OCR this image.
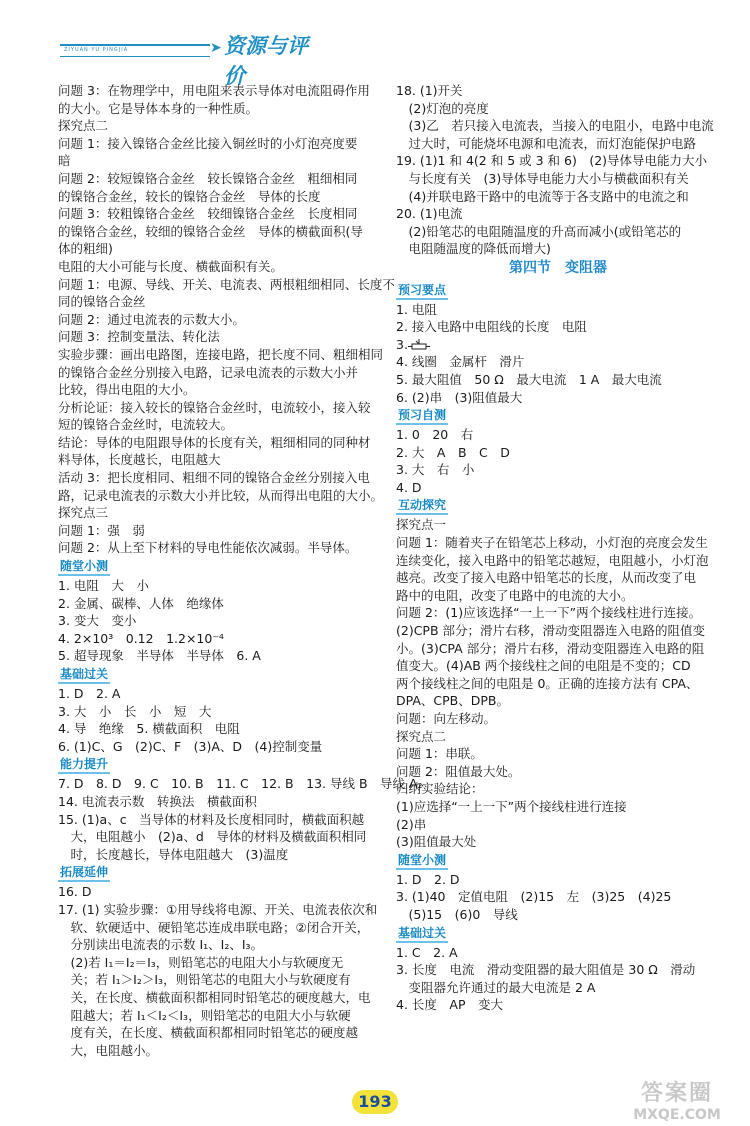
ZIYUAN YU PINGJIA	➤ 资源与评价
问题 3：在物理学中，用电阻来表示导体对电流阻碍作用
的大小。它是导体本身的一种性质。
探究点二
问题 1：接入镍铬合金丝比接入铜丝时的小灯泡亮度要
暗
问题 2：较短镍铬合金丝　较长镍铬合金丝　粗细相同
的镍铬合金丝，较长的镍铬合金丝　导体的长度
问题 3：较粗镍铬合金丝　较细镍铬合金丝　长度相同
的镍铬合金丝，较细的镍铬合金丝　导体的横截面积(导
体的粗细)
电阻的大小可能与长度、横截面积有关。
问题 1：电源、导线、开关、电流表、两根粗细相同、长度不
同的镍铬合金丝
问题 2：通过电流表的示数大小。
问题 3：控制变量法、转化法
实验步骤：画出电路图，连接电路，把长度不同、粗细相同
的镍铬合金丝分别接入电路，记录电流表的示数大小并
比较，得出电阻的大小。
分析论证：接入较长的镍铬合金丝时，电流较小，接入较
短的镍铬合金丝时，电流较大。
结论：导体的电阻跟导体的长度有关，粗细相同的同种材
料导体，长度越长，电阻越大
活动 3：把长度相同、粗细不同的镍铬合金丝分别接入电
路，记录电流表的示数大小并比较，从而得出电阻的大小。
探究点三
问题 1：强　弱
问题 2：从上至下材料的导电性能依次减弱。半导体。
随堂小测
1. 电阻　大　小
2. 金属、碳棒、人体　绝缘体
3. 变大　变小
4. 2×10³　0.12　1.2×10⁻⁴
5. 超导现象　半导体　半导体　6. A
基础过关
1. D　2. A
3. 大　小　长　小　短　大
4. 导　绝缘　5. 横截面积　电阻
6. (1)C、G　(2)C、F　(3)A、D　(4)控制变量
能力提升
7. D　8. D　9. C　10. B　11. C　12. B　13. 导线 B　导线 A₂
14. 电流表示数　转换法　横截面积
15. (1)a、c　当导体的材料及长度相同时，横截面积越
　大，电阻越小　(2)a、d　导体的材料及横截面积相同
　时，长度越长，导体电阻越大　(3)温度
拓展延伸
16. D
17. (1) 实验步骤：①用导线将电源、开关、电流表依次和
　软、软硬适中、硬铅笔芯连成串联电路；②闭合开关，
　分别读出电流表的示数 I₁、I₂、I₃。
　(2)若 I₁＝I₂＝I₃，则铅笔芯的电阻大小与软硬度无
　关；若 I₁＞I₂＞I₃，则铅笔芯的电阻大小与软硬度有
　关，在长度、横截面积都相同时铅笔芯的硬度越大，电
　阻越大；若 I₁＜I₂＜I₃，则铅笔芯的电阻大小与软硬
　度有关，在长度、横截面积都相同时铅笔芯的硬度越
　大，电阻越小。
18. (1)开关
　(2)灯泡的亮度
　(3)乙　若只接入电流表，当接入的电阻小，电路中电流
　过大时，可能烧坏电源和电流表，而灯泡能保护电路
19. (1)1 和 4(2 和 5 或 3 和 6)　(2)导体导电能力大小
　与长度有关　(3)导体导电能力大小与横截面积有关
　(4)并联电路干路中的电流等于各支路中的电流之和
20. (1)电流
　(2)铅笔芯的电阻随温度的升高而减小(或铅笔芯的
　电阻随温度的降低而增大)
第四节　变阻器
预习要点
1. 电阻
2. 接入电路中电阻线的长度　电阻
3.
4. 线圈　金属杆　滑片
5. 最大阻值　50 Ω　最大电流　1 A　最大电流
6. (2)串　(3)阻值最大
预习自测
1. 0　20　右
2. 大　A　B　C　D
3. 大　右　小
4. D
互动探究
探究点一
问题 1：随着夹子在铅笔芯上移动，小灯泡的亮度会发生
连续变化，接入电路中的铅笔芯越短，电阻越小，小灯泡
越亮。改变了接入电路中铅笔芯的长度，从而改变了电
路中的电阻，改变了电路中的电流的大小。
问题 2：(1)应该选择“一上一下”两个接线柱进行连接。
(2)CPB 部分；滑片右移，滑动变阻器连入电路的阻值变
小。(3)CPA 部分；滑片右移，滑动变阻器连入电路的阻
值变大。(4)AB 两个接线柱之间的电阻是不变的；CD
两个接线柱之间的电阻是 0。正确的连接方法有 CPA、
DPA、CPB、DPB。
问题：向左移动。
探究点二
问题 1：串联。
问题 2：阻值最大处。
归纳实验结论：
(1)应选择“一上一下”两个接线柱进行连接
(2)串
(3)阻值最大处
随堂小测
1. D　2. D
3. (1)40　定值电阻　(2)15　左　(3)25　(4)25
　(5)15　(6)0　导线
基础过关
1. C　2. A
3. 长度　电流　滑动变阻器的最大阻值是 30 Ω　滑动
　变阻器允许通过的最大电流是 2 A
4. 长度　AP　变大
193	答案圈
MXQE.COM
